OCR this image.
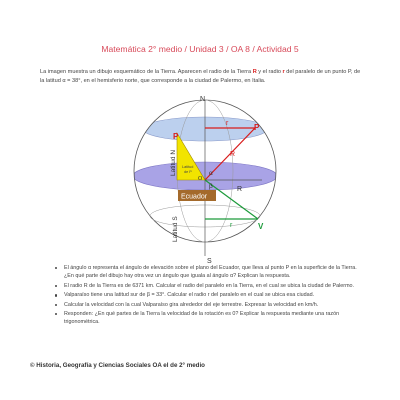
Matemática 2° medio / Unidad 3 / OA 8 / Actividad 5
La imagen muestra un dibujo esquemático de la Tierra. Aparecen el radio de la Tierra R y el radio r del paralelo de un punto P, de la latitud α = 38°, en el hemisferio norte, que corresponde a la ciudad de Palermo, en Italia.
N
S
P
P
r
R
R
r	V
α
β
O
Ecuador
Latitud
de P
Latitud N
Latitud S
El ángulo α representa el ángulo de elevación sobre el plano del Ecuador, que lleva al punto P en la superficie de la Tierra. ¿En qué parte del dibujo hay otra vez un ángulo que iguala al ángulo α? Explican la respuesta.
El radio R de la Tierra es de 6371 km. Calcular el radio del paralelo en la Tierra, en el cual se ubica la ciudad de Palermo.
Valparaíso tiene una latitud sur de β = 33°. Calcular el radio r del paralelo en el cual se ubica esa ciudad.
Calcular la velocidad con la cual Valparaíso gira alrededor del eje terrestre. Expresar la velocidad en km/h.
Responden: ¿En qué partes de la Tierra la velocidad de la rotación es 0? Explicar la respuesta mediante una razón trigonométrica.
© Historia, Geografía y Ciencias Sociales OA el de 2° medio
